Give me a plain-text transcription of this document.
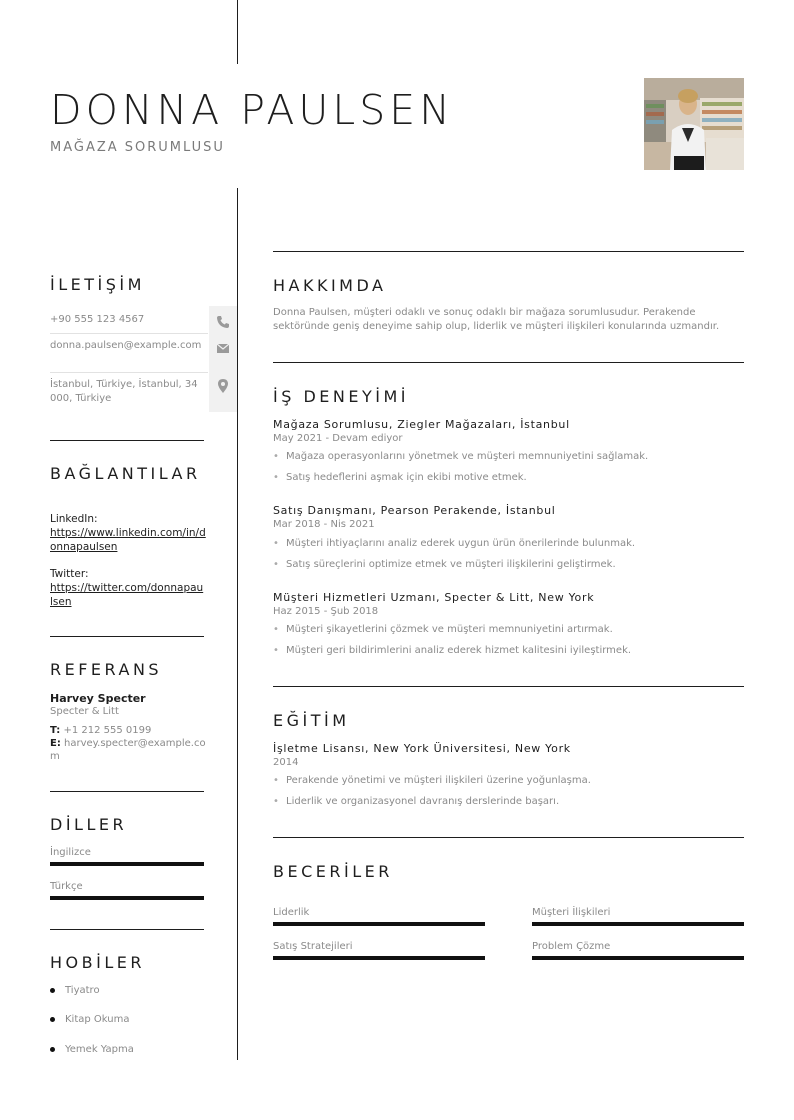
DONNA PAULSEN
MAĞAZA SORUMLUSU
İLETİŞİM
+90 555 123 4567
donna.paulsen@example.com
İstanbul, Türkiye, İstanbul, 34000, Türkiye
BAĞLANTILAR
LinkedIn:
https://www.linkedin.com/in/donnapaulsen
Twitter:
https://twitter.com/donnapaulsen
REFERANS
Harvey Specter
Specter & Litt
T: +1 212 555 0199
E: harvey.specter@example.com
DİLLER
İngilizce
Türkçe
HOBİLER
Tiyatro
Kitap Okuma
Yemek Yapma
HAKKIMDA
Donna Paulsen, müşteri odaklı ve sonuç odaklı bir mağaza sorumlusudur. Perakende sektöründe geniş deneyime sahip olup, liderlik ve müşteri ilişkileri konularında uzmandır.
İŞ DENEYİMİ
Mağaza Sorumlusu, Ziegler Mağazaları, İstanbul
May 2021 - Devam ediyor
• Mağaza operasyonlarını yönetmek ve müşteri memnuniyetini sağlamak.
• Satış hedeflerini aşmak için ekibi motive etmek.
Satış Danışmanı, Pearson Perakende, İstanbul
Mar 2018 - Nis 2021
• Müşteri ihtiyaçlarını analiz ederek uygun ürün önerilerinde bulunmak.
• Satış süreçlerini optimize etmek ve müşteri ilişkilerini geliştirmek.
Müşteri Hizmetleri Uzmanı, Specter & Litt, New York
Haz 2015 - Şub 2018
• Müşteri şikayetlerini çözmek ve müşteri memnuniyetini artırmak.
• Müşteri geri bildirimlerini analiz ederek hizmet kalitesini iyileştirmek.
EĞİTİM
İşletme Lisansı, New York Üniversitesi, New York
2014
• Perakende yönetimi ve müşteri ilişkileri üzerine yoğunlaşma.
• Liderlik ve organizasyonel davranış derslerinde başarı.
BECERİLER
Liderlik	Müşteri İlişkileri
Satış Stratejileri	Problem Çözme
